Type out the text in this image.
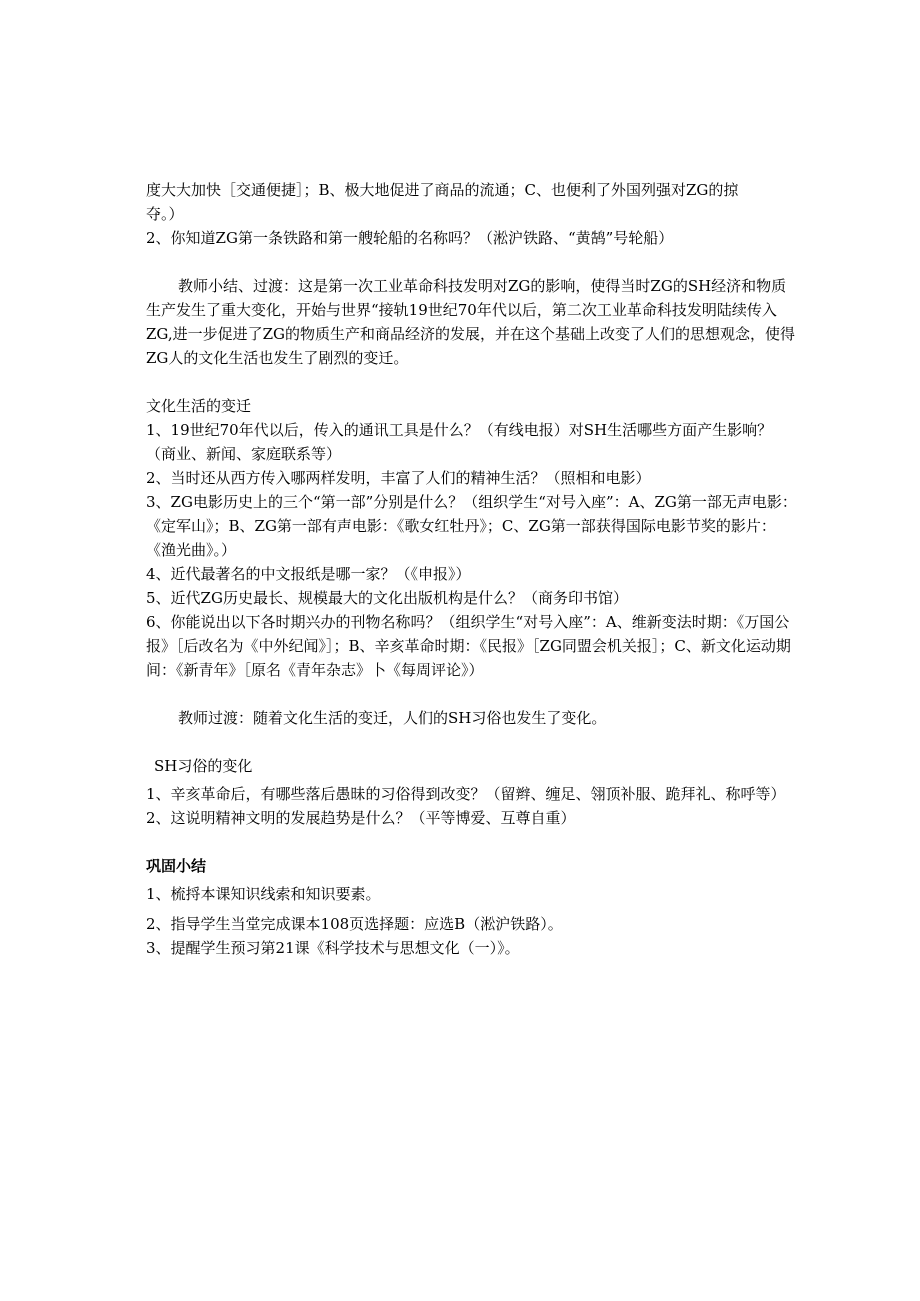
度大大加快［交通便捷］；B、极大地促进了商品的流通；C、也便利了外国列强对ZG的掠

夺。）

2、你知道ZG第一条铁路和第一艘轮船的名称吗？（淞沪铁路、“黄鹄”号轮船）

教师小结、过渡：这是第一次工业革命科技发明对ZG的影响，使得当时ZG的SH经济和物质生产发生了重大变化，开始与世界“接轨19世纪70年代以后，第二次工业革命科技发明陆续传入ZG,进一步促进了ZG的物质生产和商品经济的发展，并在这个基础上改变了人们的思想观念，使得ZG人的文化生活也发生了剧烈的变迁。

文化生活的变迁

1、19世纪70年代以后，传入的通讯工具是什么？（有线电报）对SH生活哪些方面产生影响？（商业、新闻、家庭联系等）

2、当时还从西方传入哪两样发明，丰富了人们的精神生活？（照相和电影）

3、ZG电影历史上的三个“第一部”分别是什么？（组织学生“对号入座”：A、ZG第一部无声电影：《定军山》；B、ZG第一部有声电影：《歌女红牡丹》；C、ZG第一部获得国际电影节奖的影片：《渔光曲》。）

4、近代最著名的中文报纸是哪一家？（《申报》）

5、近代ZG历史最长、规模最大的文化出版机构是什么？（商务印书馆）

6、你能说出以下各时期兴办的刊物名称吗？（组织学生“对号入座”：A、维新变法时期：《万国公报》［后改名为《中外纪闻》］；B、辛亥革命时期：《民报》［ZG同盟会机关报］；C、新文化运动期间：《新青年》［原名《青年杂志》卜《每周评论》）

教师过渡：随着文化生活的变迁，人们的SH习俗也发生了变化。

SH习俗的变化

1、辛亥革命后，有哪些落后愚昧的习俗得到改变？（留辫、缠足、翎顶补服、跪拜礼、称呼等）

2、这说明精神文明的发展趋势是什么？（平等博爱、互尊自重）

巩固小结

1、梳捋本课知识线索和知识要素。

2、指导学生当堂完成课本108页选择题：应选B（淞沪铁路）。

3、提醒学生预习第21课《科学技术与思想文化（一）》。
